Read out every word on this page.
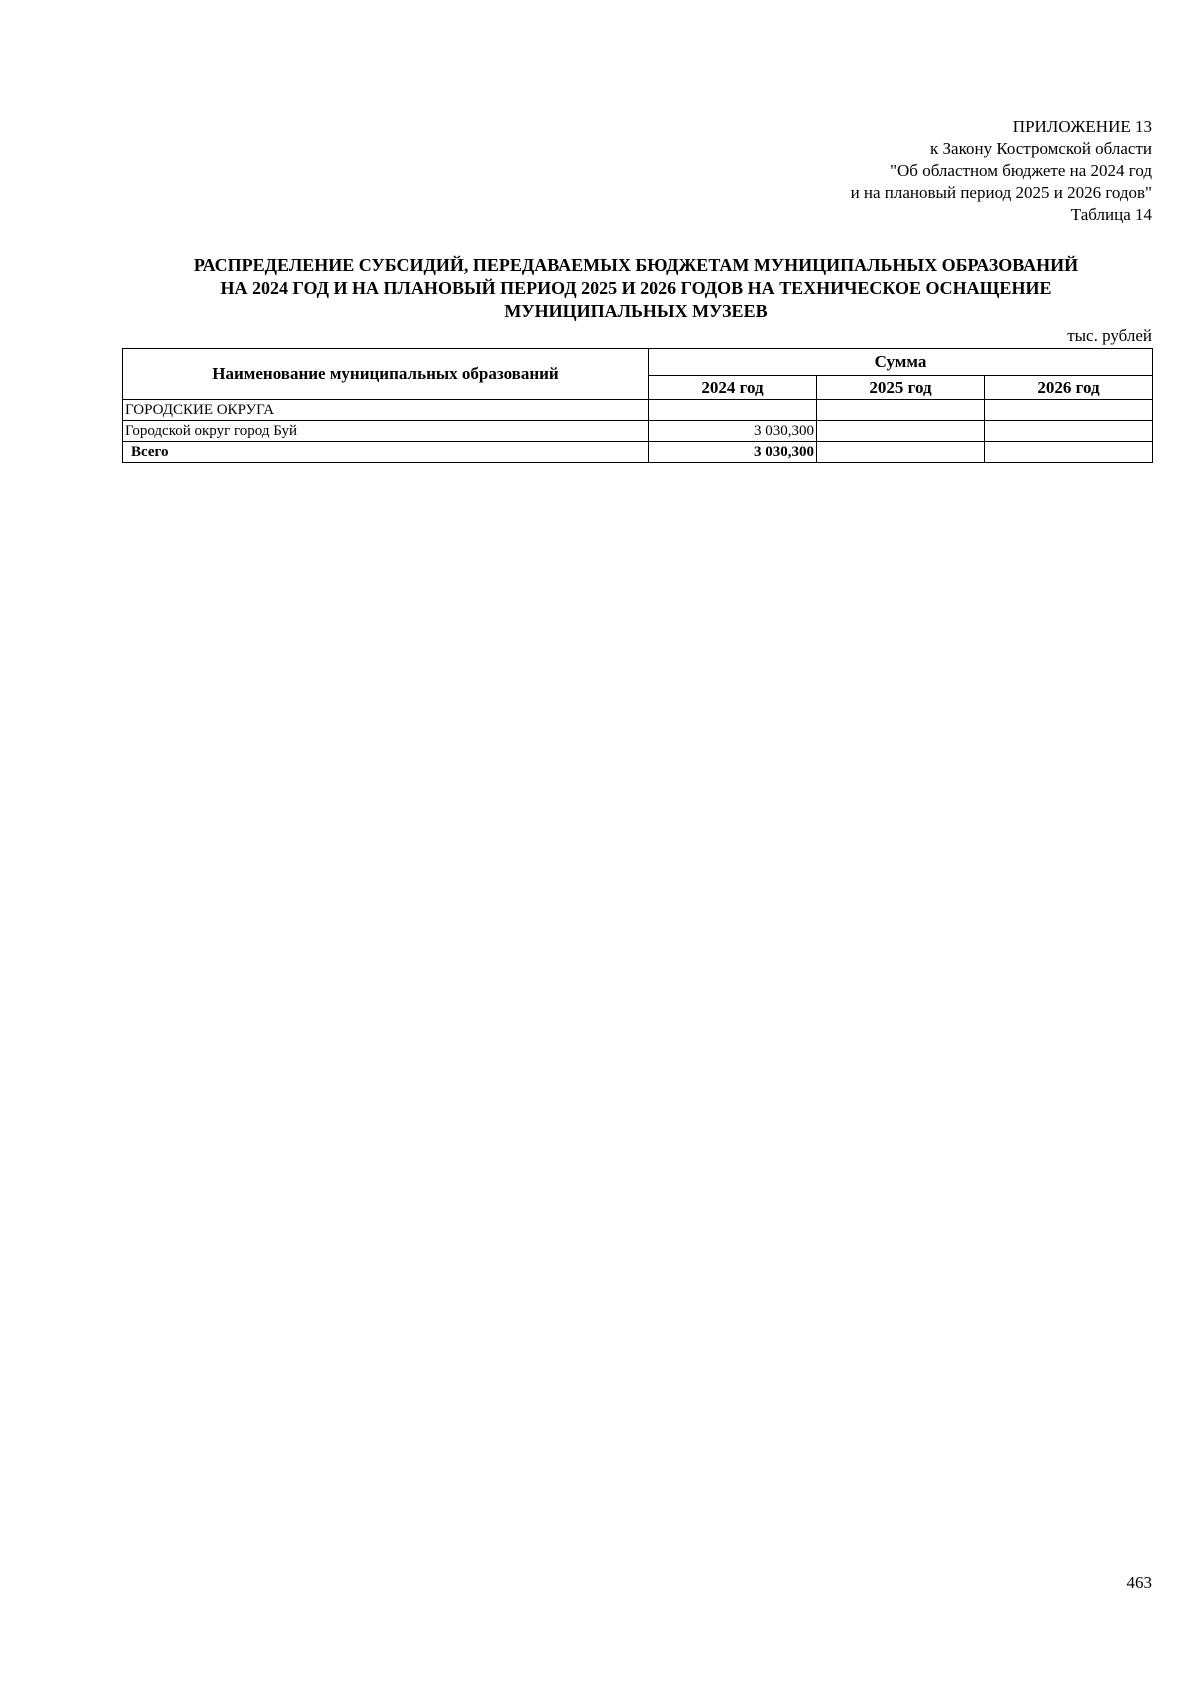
ПРИЛОЖЕНИЕ 13
к Закону Костромской области
"Об областном бюджете на 2024 год
и на плановый период 2025 и 2026 годов"
Таблица 14
РАСПРЕДЕЛЕНИЕ СУБСИДИЙ, ПЕРЕДАВАЕМЫХ БЮДЖЕТАМ МУНИЦИПАЛЬНЫХ ОБРАЗОВАНИЙ
НА 2024 ГОД И НА ПЛАНОВЫЙ ПЕРИОД 2025 И 2026 ГОДОВ НА ТЕХНИЧЕСКОЕ ОСНАЩЕНИЕ
МУНИЦИПАЛЬНЫХ МУЗЕЕВ
тыс. рублей
Наименование муниципальных образований	Сумма		
	2024 год	2025 год	2026 год
ГОРОДСКИЕ ОКРУГА			
Городской округ город Буй	3 030,300		
Всего	3 030,300		
463
